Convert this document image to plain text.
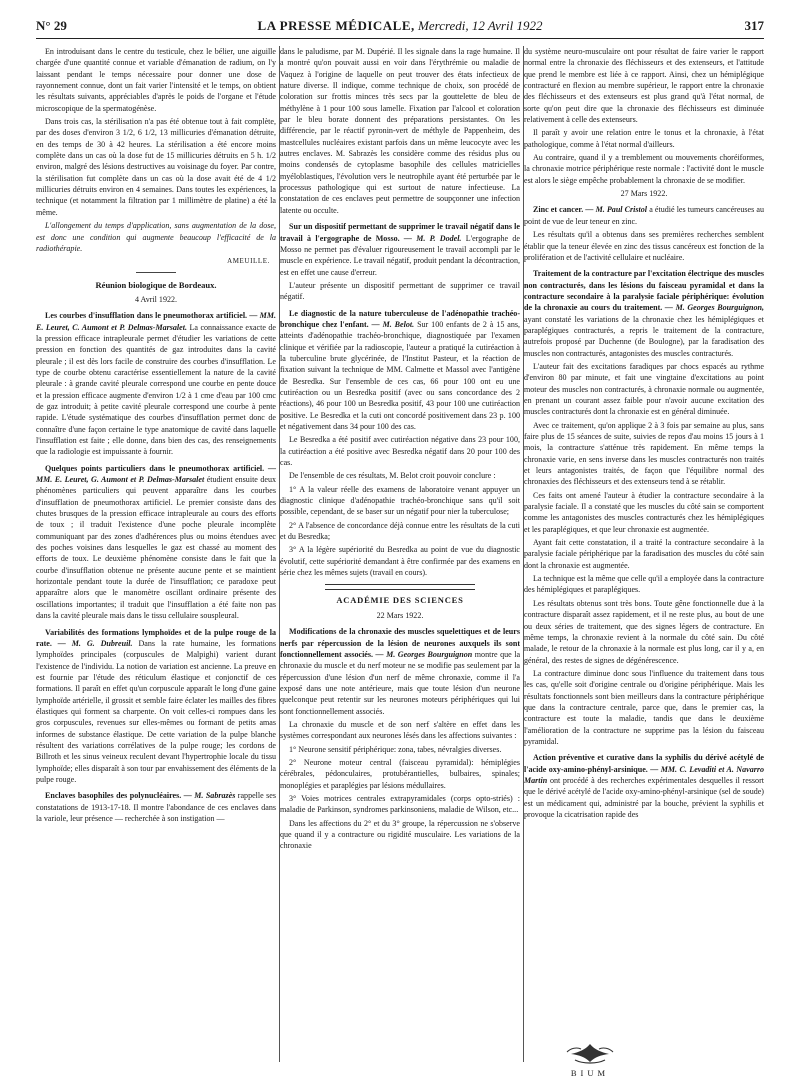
N° 29	LA PRESSE MÉDICALE, Mercredi, 12 Avril 1922	317

En introduisant dans le centre du testicule, chez le bélier, une aiguille chargée d'une quantité connue et variable d'émanation de radium, on l'y laissant pendant le temps nécessaire pour donner une dose de rayonnement connue, dont un fait varier l'intensité et le temps, on obtient les résultats suivants, appréciables d'après le poids de l'organe et l'étude microscopique de la spermatogénèse.

Dans trois cas, la stérilisation n'a pas été obtenue tout à fait complète, par des doses d'environ 3 1/2, 6 1/2, 13 millicuries d'émanation détruite, en des temps de 30 à 42 heures. La stérilisation a été encore moins complète dans un cas où la dose fut de 15 millicuries détruits en 5 h. 1/2 environ, malgré des lésions destructives au voisinage du foyer. Par contre, la stérilisation fut complète dans un cas où la dose avait été de 4 1/2 millicuries détruits environ en 4 semaines. Dans toutes les expériences, la technique (et notamment la filtration par 1 millimètre de platine) a été la même.

L'allongement du temps d'application, sans augmentation de la dose, est donc une condition qui augmente beaucoup l'efficacité de la radiothérapie.

AMEUILLE.

Réunion biologique de Bordeaux.

4 Avril 1922.

Les courbes d'insufflation dans le pneumothorax artificiel. — MM. E. Leuret, C. Aumont et P. Delmas-Marsalet. La connaissance exacte de la pression efficace intrapleurale permet d'étudier les variations de cette pression en fonction des quantités de gaz introduites dans la cavité pleurale ; il est dès lors facile de construire des courbes d'insufflation. Le type de courbe obtenu caractérise essentiellement la nature de la cavité pleurale : à grande cavité pleurale correspond une courbe en pente douce et la pression efficace augmente d'environ 1/2 à 1 cme d'eau par 100 cmc de gaz introduit; à petite cavité pleurale correspond une courbe à pente rapide. L'étude systématique des courbes d'insufflation permet donc de connaître d'une façon certaine le type anatomique de cavité dans laquelle l'insufflation est faite ; elle donne, dans bien des cas, des renseignements que la radiologie est impuissante à fournir.

Quelques points particuliers dans le pneumothorax artificiel. — MM. E. Leuret, G. Aumont et P. Delmas-Marsalet étudient ensuite deux phénomènes particuliers qui peuvent apparaître dans les courbes d'insufflation de pneumothorax artificiel. Le premier consiste dans des chutes brusques de la pression efficace intrapleurale au cours des efforts de toux ; il traduit l'existence d'une poche pleurale incomplète communiquant par des zones d'adhérences plus ou moins étendues avec des poches voisines dans lesquelles le gaz est chassé au moment des efforts de toux. Le deuxième phénomène consiste dans le fait que la courbe d'insufflation obtenue ne présente aucune pente et se maintient horizontale pendant toute la durée de l'insufflation; ce paradoxe peut apparaître alors que le manomètre oscillant ordinaire présente des oscillations importantes; il traduit que l'insufflation a été faite non pas dans la cavité pleurale mais dans le tissu cellulaire souspleural.

Variabilités des formations lymphoïdes et de la pulpe rouge de la rate. — M. G. Dubreuil. Dans la rate humaine, les formations lymphoïdes principales (corpuscules de Malpighi) varient durant l'existence de l'individu. La notion de variation est ancienne. La preuve en est fournie par l'étude des réticulum élastique et conjonctif de ces formations. Il paraît en effet qu'un corpuscule apparaît le long d'une gaine lymphoïde artérielle, il grossit et semble faire éclater les mailles des fibres élastiques qui forment sa charpente. On voit celles-ci rompues dans les gros corpuscules, revenues sur elles-mêmes ou formant de petits amas informes de substance élastique. De cette variation de la pulpe blanche résultent des variations corrélatives de la pulpe rouge; les cordons de Billroth et les sinus veineux reculent devant l'hypertrophie locale du tissu lymphoïde; elles disparaît à son tour par envahissement des éléments de la pulpe rouge.

Enclaves basophiles des polynucléaires. — M. Sabrazès rappelle ses constatations de 1913-17-18. Il montre l'abondance de ces enclaves dans la variole, leur présence — recherchée à son instigation —

dans le paludisme, par M. Dupérié. Il les signale dans la rage humaine. Il a montré qu'on pouvait aussi en voir dans l'érythrémie ou maladie de Vaquez à l'origine de laquelle on peut trouver des états infectieux de nature diverse. Il indique, comme technique de choix, son procédé de coloration sur frottis minces très secs par la gouttelette de bleu de méthylène à 1 pour 100 sous lamelle. Fixation par l'alcool et coloration par le bleu borate donnent des préparations persistantes. On les différencie, par le réactif pyronin-vert de méthyle de Pappenheim, des mastcellules nucléaires existant parfois dans un même leucocyte avec les autres enclaves. M. Sabrazès les considère comme des résidus plus ou moins condensés de cytoplasme basophile des cellules matricielles myéloblastiques, l'évolution vers le neutrophile ayant été perturbée par le processus pathologique qui est surtout de nature infectieuse. La constatation de ces enclaves peut permettre de soupçonner une infection latente ou occulte.

Sur un dispositif permettant de supprimer le travail négatif dans le travail à l'ergographe de Mosso. — M. P. Dodel. L'ergographe de Mosso ne permet pas d'évaluer rigoureusement le travail accompli par le muscle en expérience. Le travail négatif, produit pendant la décontraction, est en effet une cause d'erreur.

L'auteur présente un dispositif permettant de supprimer ce travail négatif.

Le diagnostic de la nature tuberculeuse de l'adénopathie trachéo-bronchique chez l'enfant. — M. Belot. Sur 100 enfants de 2 à 15 ans, atteints d'adénopathie trachéo-bronchique, diagnostiquée par l'examen clinique et vérifiée par la radioscopie, l'auteur a pratiqué la cutiréaction à la tuberculine brute glycérinée, de l'Institut Pasteur, et la réaction de fixation suivant la technique de MM. Calmette et Massol avec l'antigène de Besredka. Sur l'ensemble de ces cas, 66 pour 100 ont eu une cutiréaction ou un Besredka positif (avec ou sans concordance des 2 réactions), 46 pour 100 un Besredka positif, 43 pour 100 une cutiréaction positive. Le Besredka et la cuti ont concordé positivement dans 23 p. 100 et négativement dans 34 pour 100 des cas.

Le Besredka a été positif avec cutiréaction négative dans 23 pour 100, la cutiréaction a été positive avec Besredka négatif dans 20 pour 100 des cas.

De l'ensemble de ces résultats, M. Belot croit pouvoir conclure :

1° A la valeur réelle des examens de laboratoire venant appuyer un diagnostic clinique d'adénopathie trachéo-bronchique sans qu'il soit possible, cependant, de se baser sur un négatif pour nier la tuberculose;

2° A l'absence de concordance déjà connue entre les résultats de la cuti et du Besredka;

3° A la légère supériorité du Besredka au point de vue du diagnostic évolutif, cette supériorité demandant à être confirmée par des examens en série chez les mêmes sujets (travail en cours).

ACADÉMIE DES SCIENCES

22 Mars 1922.

Modifications de la chronaxie des muscles squelettiques et de leurs nerfs par répercussion de la lésion de neurones auxquels ils sont fonctionnellement associés. — M. Georges Bourguignon montre que la chronaxie du muscle et du nerf moteur ne se modifie pas seulement par la répercussion d'une lésion d'un nerf de même chronaxie, comme il l'a exposé dans une note antérieure, mais que toute lésion d'un neurone quelconque peut retentir sur les neurones moteurs périphériques qui lui sont fonctionnellement associés.

La chronaxie du muscle et de son nerf s'altère en effet dans les systèmes correspondant aux neurones lésés dans les affections suivantes :

1° Neurone sensitif périphérique: zona, tabes, névralgies diverses.

2° Neurone moteur central (faisceau pyramidal): hémiplégies cérébrales, pédonculaires, protubérantielles, bulbaires, spinales; monoplégies et paraplégies par lésions médullaires.

3° Voies motrices centrales extrapyramidales (corps opto-striés) : maladie de Parkinson, syndromes parkinsoniens, maladie de Wilson, etc...

Dans les affections du 2° et du 3° groupe, la répercussion ne s'observe que quand il y a contracture ou rigidité musculaire. Les variations de la chronaxie

du système neuro-musculaire ont pour résultat de faire varier le rapport normal entre la chronaxie des fléchisseurs et des extenseurs, et l'attitude que prend le membre est liée à ce rapport. Ainsi, chez un hémiplégique contracturé en flexion au membre supérieur, le rapport entre la chronaxie des fléchisseurs et des extenseurs est plus grand qu'à l'état normal, de sorte qu'on peut dire que la chronaxie des fléchisseurs est diminuée relativement à celle des extenseurs.

Il paraît y avoir une relation entre le tonus et la chronaxie, à l'état pathologique, comme à l'état normal d'ailleurs.

Au contraire, quand il y a tremblement ou mouvements choréiformes, la chronaxie motrice périphérique reste normale : l'activité dont le muscle est alors le siège empêche probablement la chronaxie de se modifier.

27 Mars 1922.

Zinc et cancer. — M. Paul Cristol a étudié les tumeurs cancéreuses au point de vue de leur teneur en zinc.

Les résultats qu'il a obtenus dans ses premières recherches semblent établir que la teneur élevée en zinc des tissus cancéreux est fonction de la prolifération et de l'activité cellulaire et nucléaire.

Traitement de la contracture par l'excitation électrique des muscles non contracturés, dans les lésions du faisceau pyramidal et dans la contracture secondaire à la paralysie faciale périphérique: évolution de la chronaxie au cours du traitement. — M. Georges Bourguignon, ayant constaté les variations de la chronaxie chez les hémiplégiques et paraplégiques contracturés, a repris le traitement de la contracture, autrefois proposé par Duchenne (de Boulogne), par la faradisation des muscles non contracturés, antagonistes des muscles contracturés.

L'auteur fait des excitations faradiques par chocs espacés au rythme d'environ 80 par minute, et fait une vingtaine d'excitations au point moteur des muscles non contracturés, à chronaxie normale ou augmentée, en prenant un courant assez faible pour n'avoir aucune excitation des muscles contracturés dont la chronaxie est en général diminuée.

Avec ce traitement, qu'on applique 2 à 3 fois par semaine au plus, sans faire plus de 15 séances de suite, suivies de repos d'au moins 15 jours à 1 mois, la contracture s'atténue très rapidement. En même temps la chronaxie varie, en sens inverse dans les muscles contracturés non traités et leurs antagonistes traités, de façon que l'équilibre normal des chronaxies des fléchisseurs et des extenseurs tend à se rétablir.

Ces faits ont amené l'auteur à étudier la contracture secondaire à la paralysie faciale. Il a constaté que les muscles du côté sain se comportent comme les antagonistes des muscles contracturés chez les hémiplégiques et les paraplégiques, et que leur chronaxie est augmentée.

Ayant fait cette constatation, il a traité la contracture secondaire à la paralysie faciale périphérique par la faradisation des muscles du côté sain dont la chronaxie est augmentée.

La technique est la même que celle qu'il a employée dans la contracture des hémiplégiques et paraplégiques.

Les résultats obtenus sont très bons. Toute gêne fonctionnelle due à la contracture disparaît assez rapidement, et il ne reste plus, au bout de une ou deux séries de traitement, que des signes légers de contracture. En même temps, la chronaxie revient à la normale du côté sain. Du côté malade, le retour de la chronaxie à la normale est plus long, car il y a, en général, des restes de signes de dégénérescence.

La contracture diminue donc sous l'influence du traitement dans tous les cas, qu'elle soit d'origine centrale ou d'origine périphérique. Mais les résultats fonctionnels sont bien meilleurs dans la contracture périphérique que dans la contracture centrale, parce que, dans le premier cas, la contracture est toute la maladie, tandis que dans le deuxième l'amélioration de la contracture ne supprime pas la lésion du faisceau pyramidal.

Action préventive et curative dans la syphilis du dérivé acétylé de l'acide oxy-amino-phényl-arsinique. — MM. C. Levaditi et A. Navarro Martin ont procédé à des recherches expérimentales desquelles il ressort que le dérivé acétylé de l'acide oxy-amino-phényl-arsinique (sel de soude) est un médicament qui, administré par la bouche, prévient la syphilis et provoque la cicatrisation rapide des

BIUM
